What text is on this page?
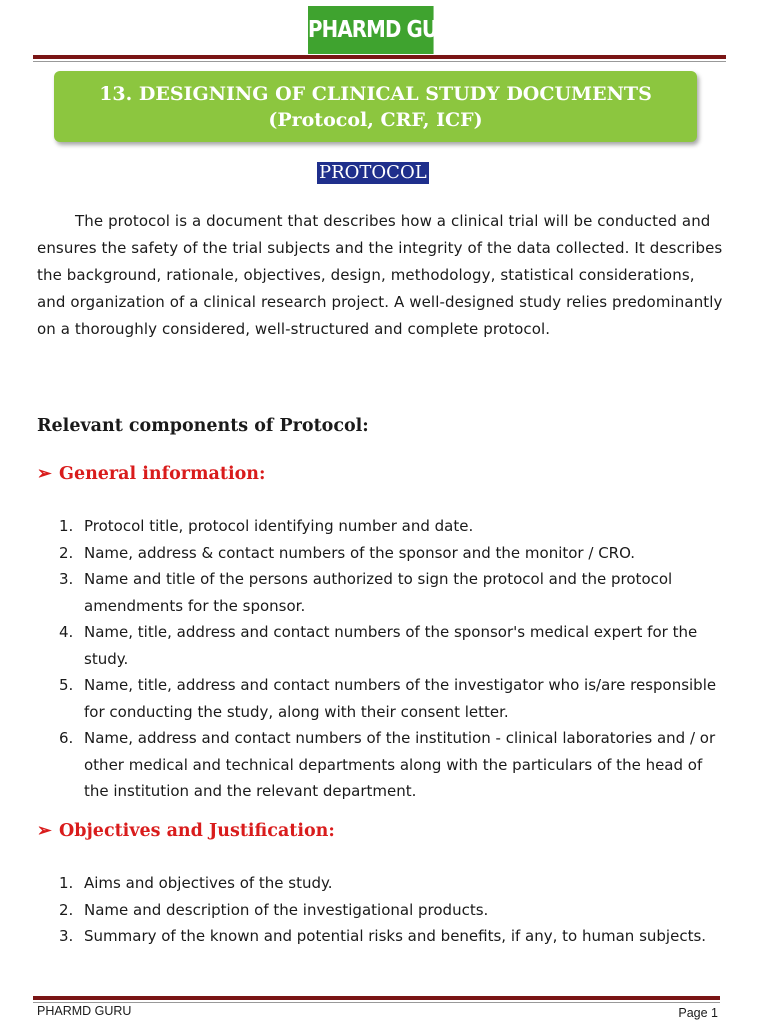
PHARMD GURU
13. DESIGNING OF CLINICAL STUDY DOCUMENTS
(Protocol, CRF, ICF)
PROTOCOL

The protocol is a document that describes how a clinical trial will be conducted and ensures the safety of the trial subjects and the integrity of the data collected. It describes the background, rationale, objectives, design, methodology, statistical considerations, and organization of a clinical research project. A well-designed study relies predominantly on a thoroughly considered, well-structured and complete protocol.

Relevant components of Protocol:
➢ General information:
1. Protocol title, protocol identifying number and date.
2. Name, address & contact numbers of the sponsor and the monitor / CRO.
3. Name and title of the persons authorized to sign the protocol and the protocol amendments for the sponsor.
4. Name, title, address and contact numbers of the sponsor's medical expert for the study.
5. Name, title, address and contact numbers of the investigator who is/are responsible for conducting the study, along with their consent letter.
6. Name, address and contact numbers of the institution - clinical laboratories and / or other medical and technical departments along with the particulars of the head of the institution and the relevant department.
➢ Objectives and Justification:
1. Aims and objectives of the study.
2. Name and description of the investigational products.
3. Summary of the known and potential risks and benefits, if any, to human subjects.
PHARMD GURU	Page 1
